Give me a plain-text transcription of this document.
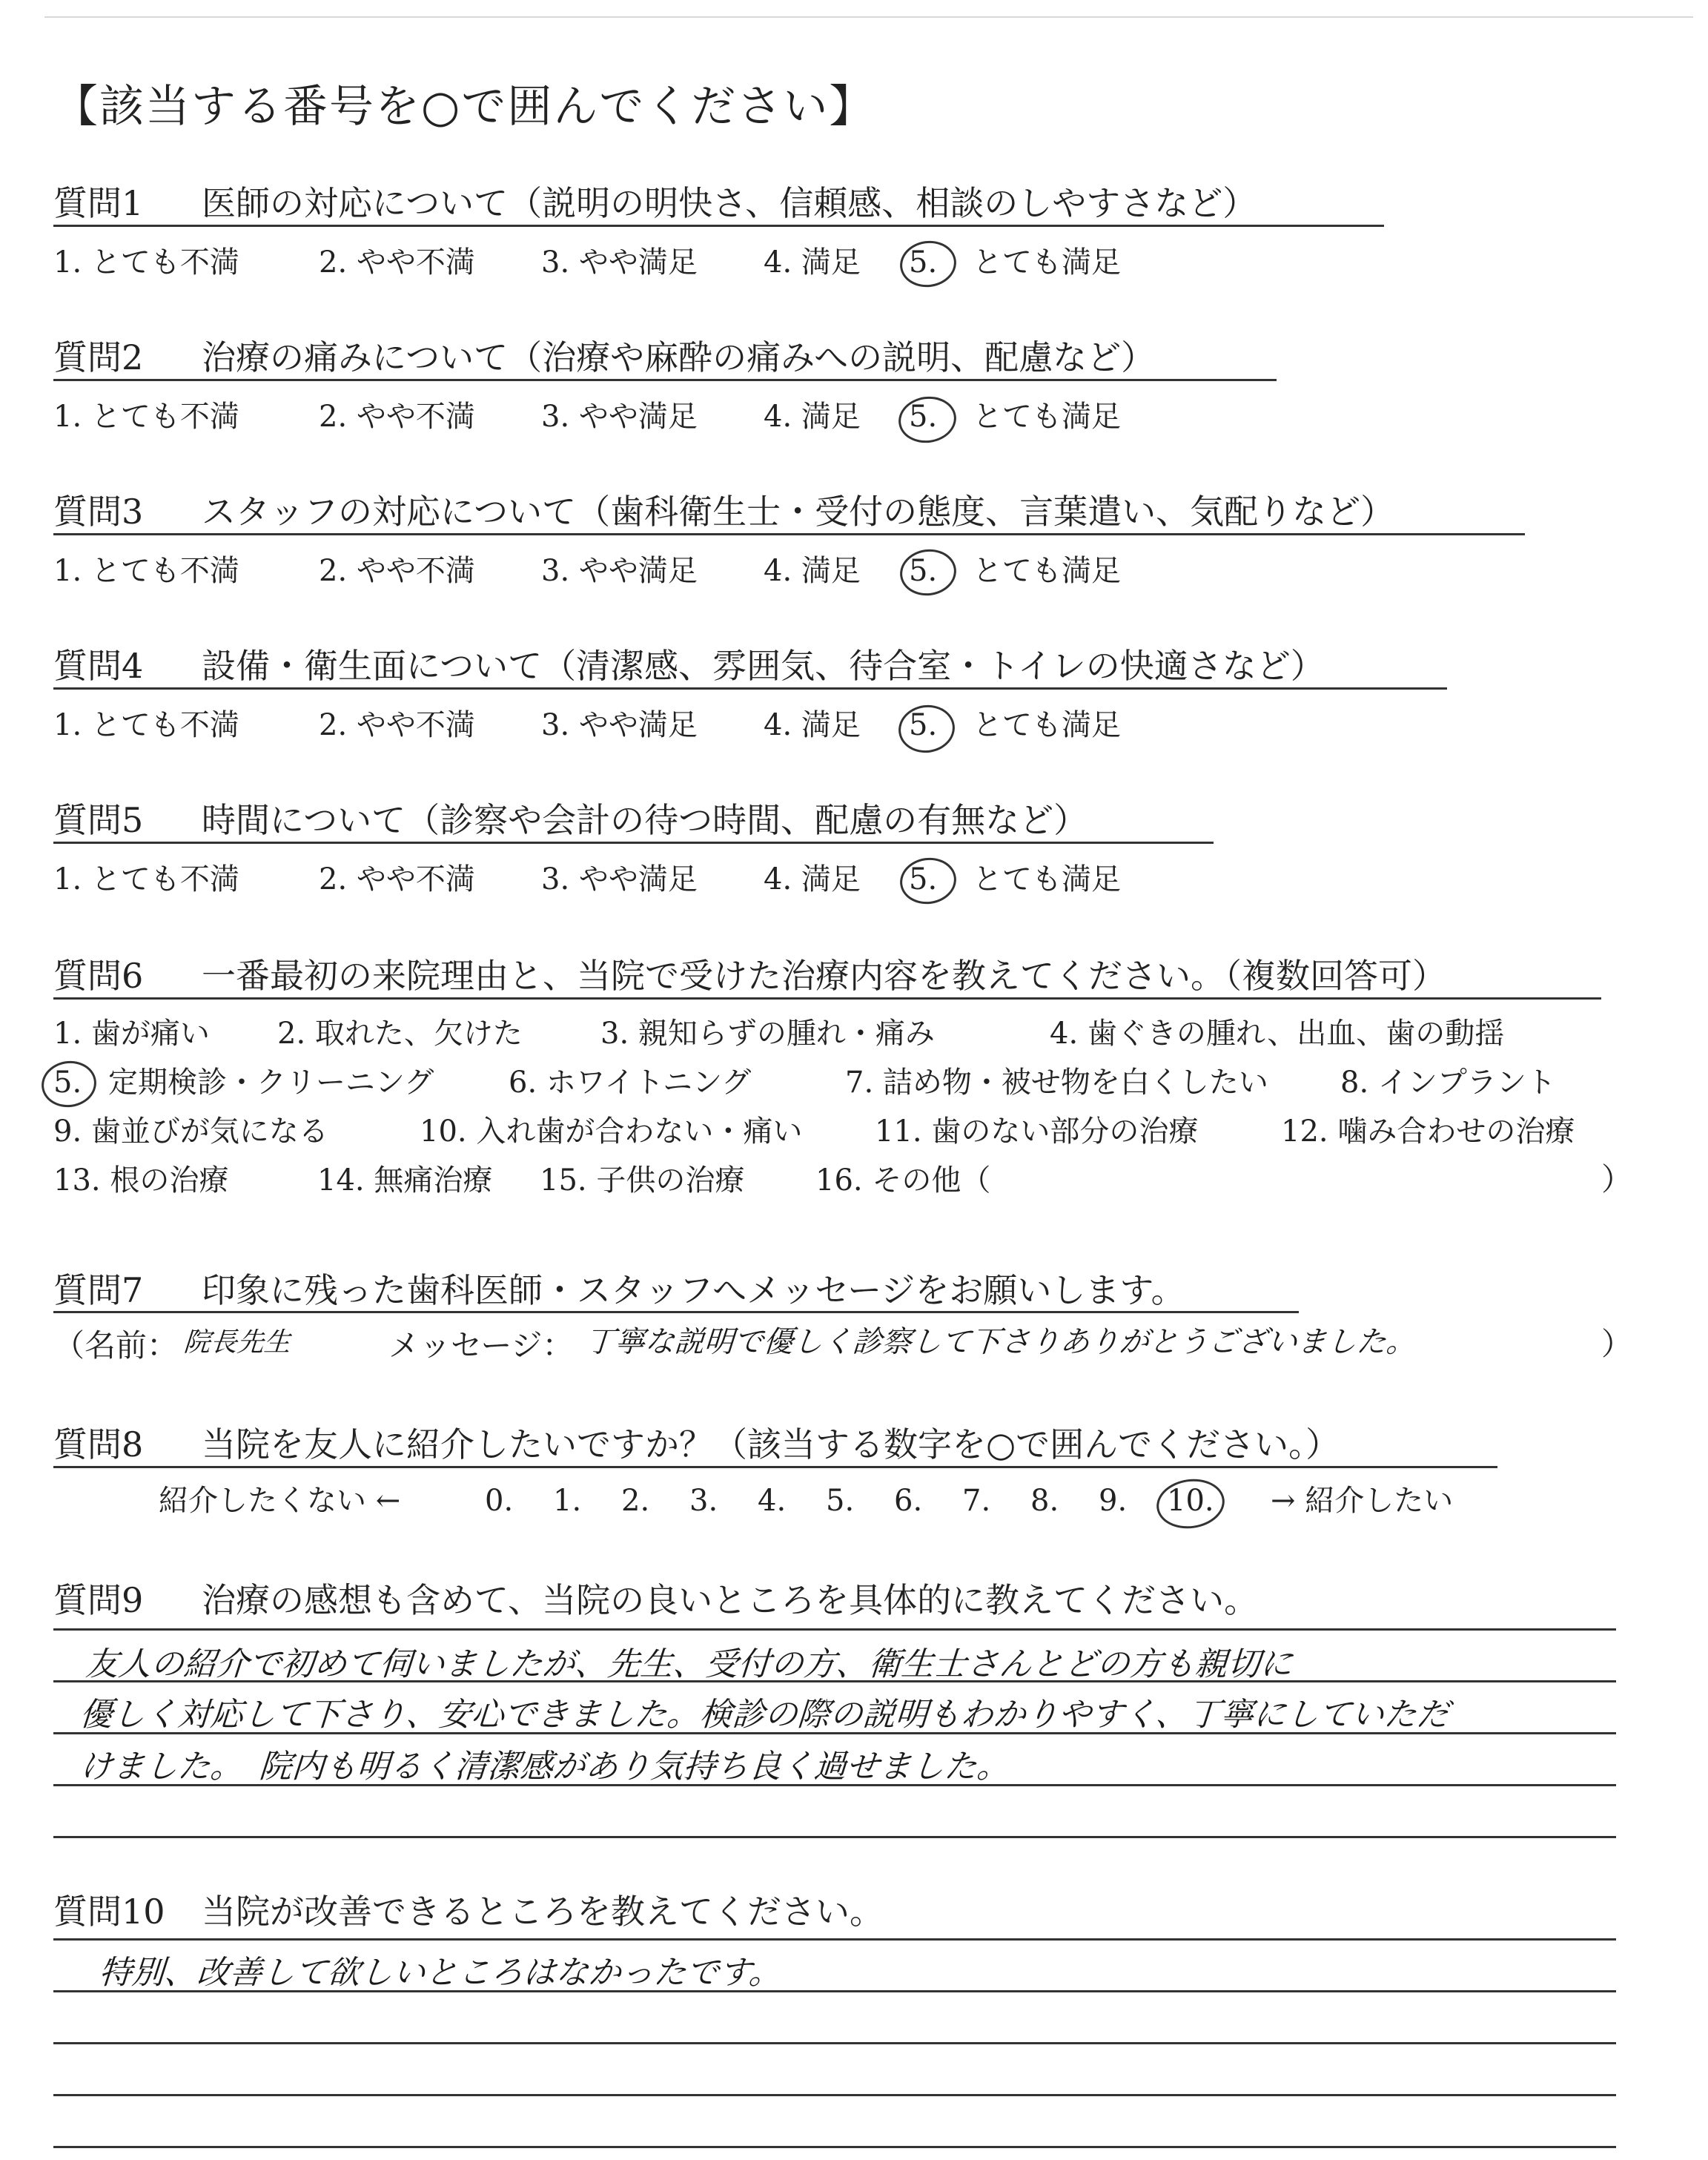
【該当する番号を○で囲んでください】
質問1 医師の対応について（説明の明快さ、信頼感、相談のしやすさなど）
1. とても不満	2. やや不満 3. やや満足 4. 満足 5. とても満足
質問2 治療の痛みについて（治療や麻酔の痛みへの説明、配慮など）
1. とても不満	2. やや不満 3. やや満足 4. 満足 5. とても満足
質問3 スタッフの対応について（歯科衛生士・受付の態度、言葉遣い、気配りなど）
1. とても不満	2. やや不満 3. やや満足 4. 満足 5. とても満足
質問4 設備・衛生面について（清潔感、雰囲気、待合室・トイレの快適さなど）
1. とても不満	2. やや不満 3. やや満足 4. 満足 5. とても満足
質問5 時間について（診察や会計の待つ時間、配慮の有無など）
1. とても不満	2. やや不満 3. やや満足 4. 満足 5. とても満足
質問6 一番最初の来院理由と、当院で受けた治療内容を教えてください。（複数回答可）
1. 歯が痛い 2. 取れた、欠けた	3. 親知らずの腫れ・痛み	4. 歯ぐきの腫れ、出血、歯の動揺
5. 定期検診・クリーニング	6. ホワイトニング	7. 詰め物・被せ物を白くしたい 8. インプラント
9. 歯並びが気になる	10. 入れ歯が合わない・痛い 11. 歯のない部分の治療	12. 噛み合わせの治療
13. 根の治療	14. 無痛治療 15. 子供の治療 16. その他（	）
質問7 印象に残った歯科医師・スタッフへメッセージをお願いします。
（名前： 院長先生	メッセージ： 丁寧な説明で優しく診察して下さりありがとうございました。	）
質問8 当院を友人に紹介したいですか？（該当する数字を○で囲んでください。）
紹介したくない ←	0. 1. 2. 3. 4. 5. 6. 7. 8. 9. 10. → 紹介したい
質問9 治療の感想も含めて、当院の良いところを具体的に教えてください。
友人の紹介で初めて伺いましたが、先生、受付の方、衛生士さんとどの方も親切に
優しく対応して下さり、安心できました。検診の際の説明もわかりやすく、丁寧にしていただ
けました。　院内も明るく清潔感があり気持ち良く過せました。
質問10 当院が改善できるところを教えてください。
特別、改善して欲しいところはなかったです。
